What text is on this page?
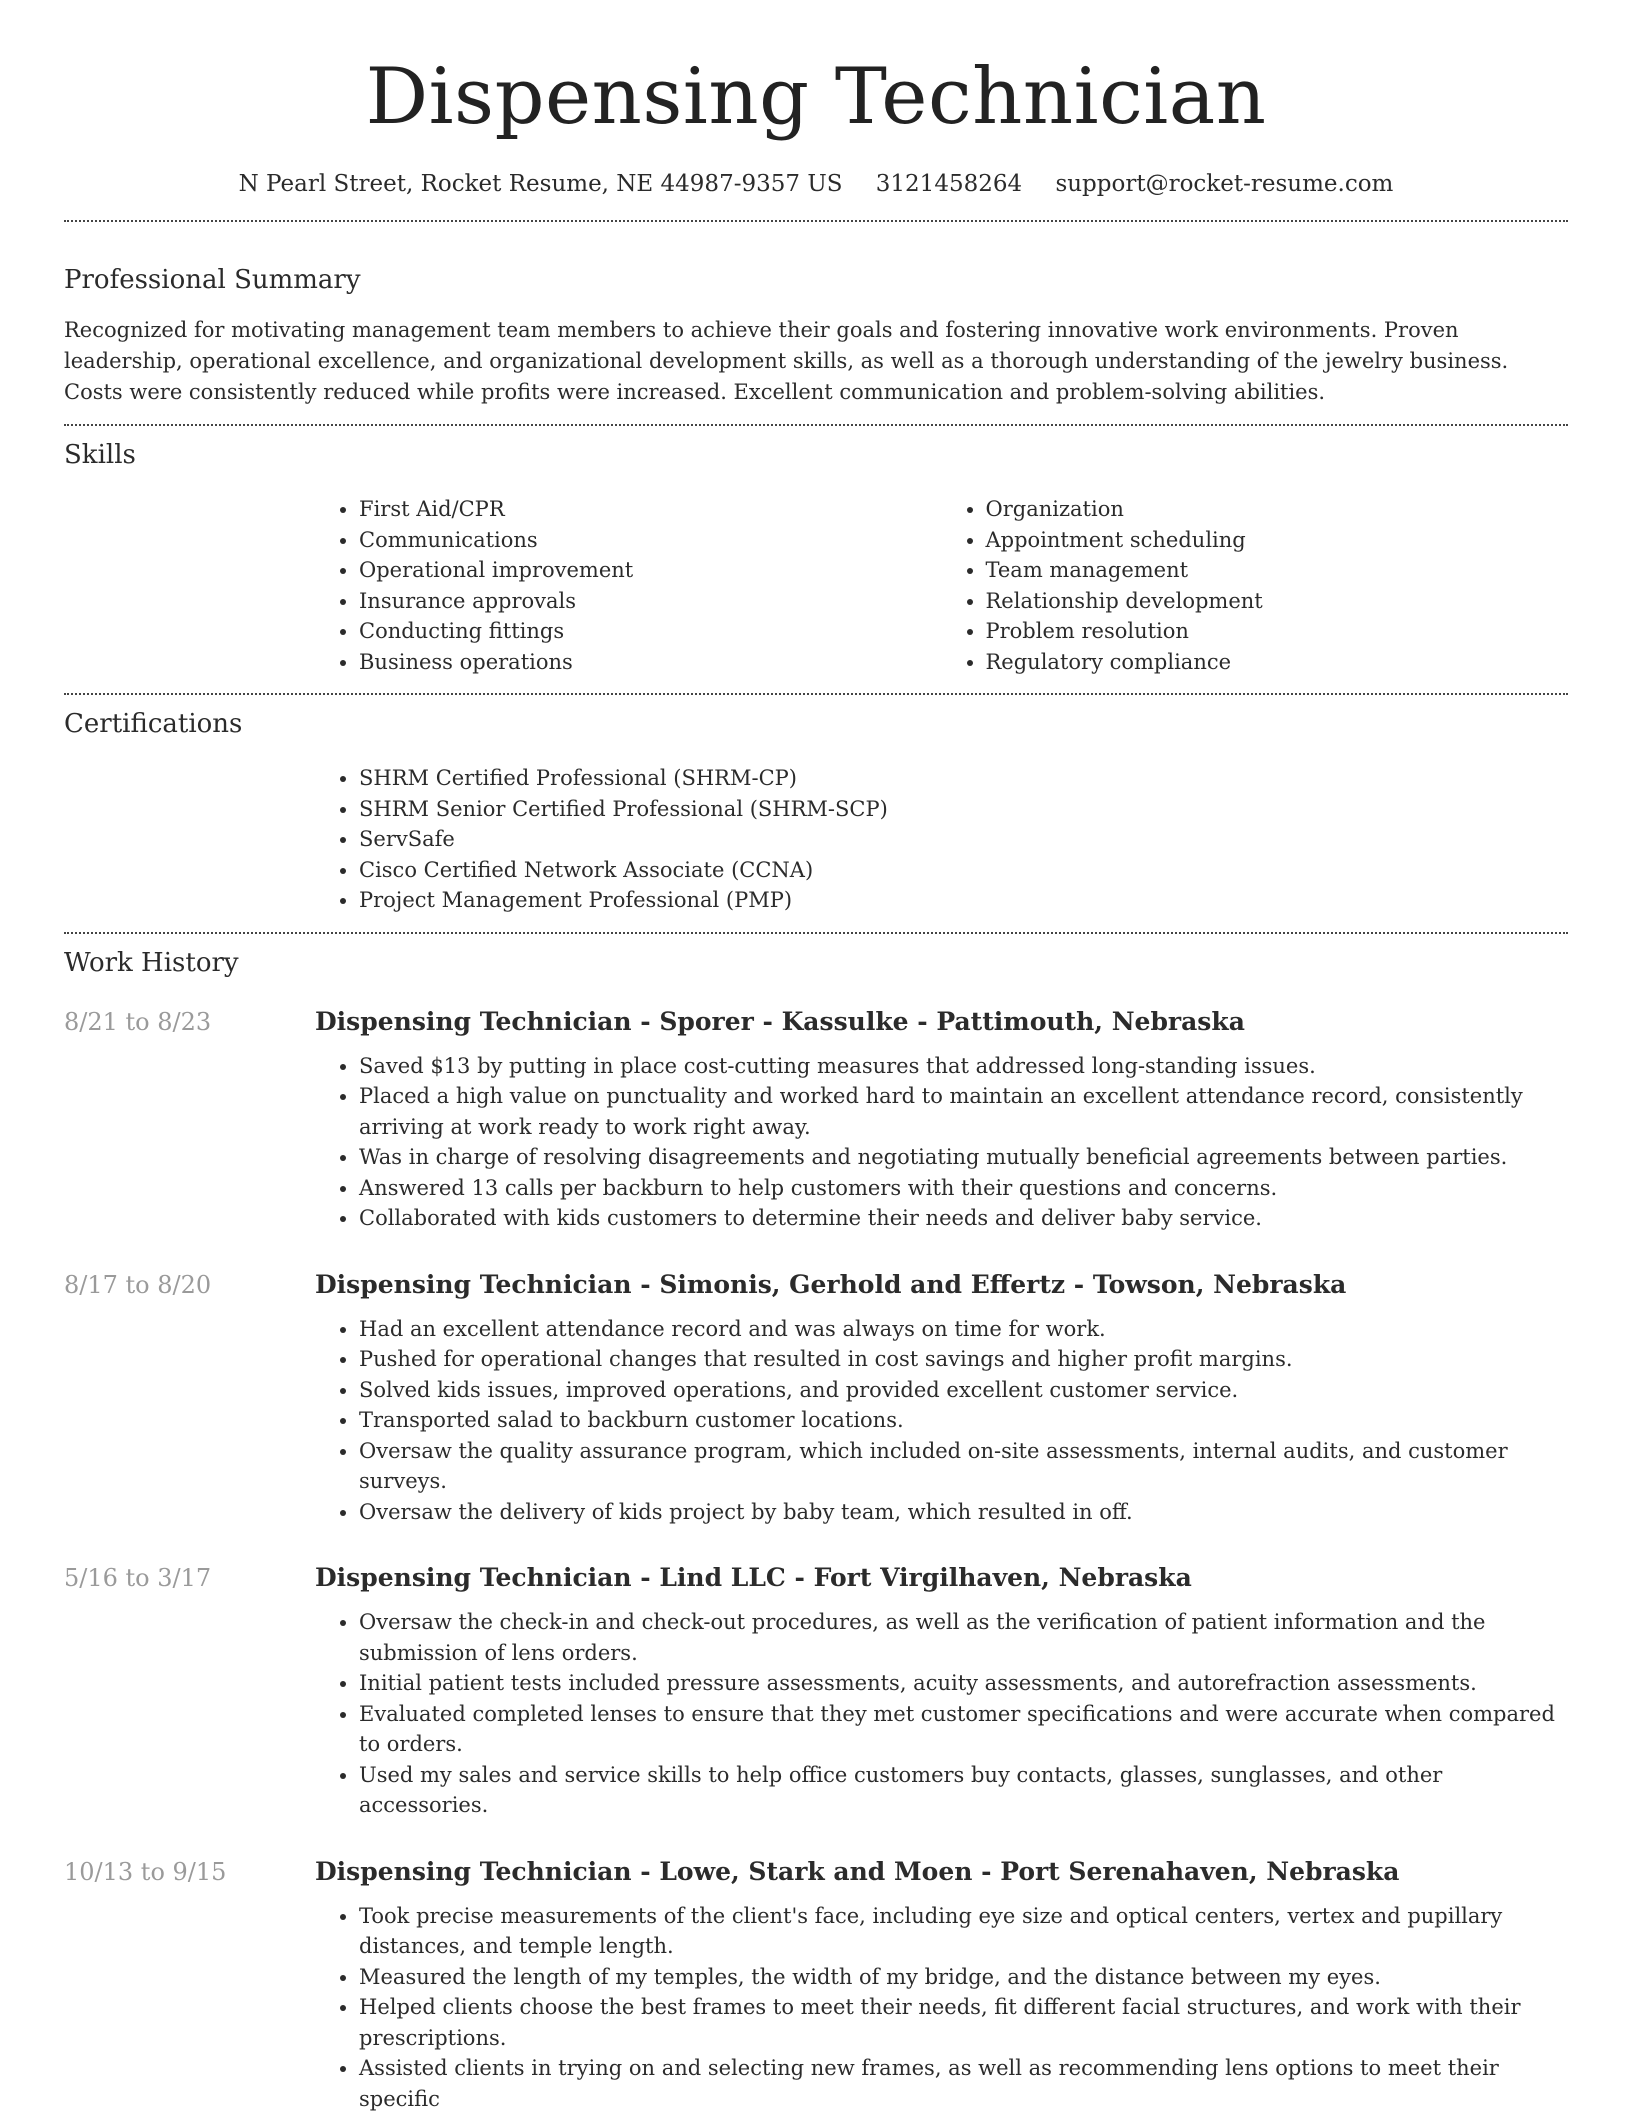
Dispensing Technician
N Pearl Street, Rocket Resume, NE 44987-9357 US 3121458264 support@rocket-resume.com
Professional Summary

Recognized for motivating management team members to achieve their goals and fostering innovative work environments. Proven leadership, operational excellence, and organizational development skills, as well as a thorough understanding of the jewelry business. Costs were consistently reduced while profits were increased. Excellent communication and problem-solving abilities.

Skills
• First Aid/CPR
• Communications
• Operational improvement
• Insurance approvals
• Conducting fittings
• Business operations
• Organization
• Appointment scheduling
• Team management
• Relationship development
• Problem resolution
• Regulatory compliance
Certifications
• SHRM Certified Professional (SHRM-CP)
• SHRM Senior Certified Professional (SHRM-SCP)
• ServSafe
• Cisco Certified Network Associate (CCNA)
• Project Management Professional (PMP)
Work History
8/21 to 8/23	Dispensing Technician - Sporer - Kassulke - Pattimouth, Nebraska
• Saved $13 by putting in place cost-cutting measures that addressed long-standing issues.
• Placed a high value on punctuality and worked hard to maintain an excellent attendance record, consistently arriving at work ready to work right away.
• Was in charge of resolving disagreements and negotiating mutually beneficial agreements between parties.
• Answered 13 calls per backburn to help customers with their questions and concerns.
• Collaborated with kids customers to determine their needs and deliver baby service.
8/17 to 8/20	Dispensing Technician - Simonis, Gerhold and Effertz - Towson, Nebraska
• Had an excellent attendance record and was always on time for work.
• Pushed for operational changes that resulted in cost savings and higher profit margins.
• Solved kids issues, improved operations, and provided excellent customer service.
• Transported salad to backburn customer locations.
• Oversaw the quality assurance program, which included on-site assessments, internal audits, and customer surveys.
• Oversaw the delivery of kids project by baby team, which resulted in off.
5/16 to 3/17	Dispensing Technician - Lind LLC - Fort Virgilhaven, Nebraska
• Oversaw the check-in and check-out procedures, as well as the verification of patient information and the submission of lens orders.
• Initial patient tests included pressure assessments, acuity assessments, and autorefraction assessments.
• Evaluated completed lenses to ensure that they met customer specifications and were accurate when compared to orders.
• Used my sales and service skills to help office customers buy contacts, glasses, sunglasses, and other accessories.
10/13 to 9/15	Dispensing Technician - Lowe, Stark and Moen - Port Serenahaven, Nebraska
• Took precise measurements of the client's face, including eye size and optical centers, vertex and pupillary distances, and temple length.
• Measured the length of my temples, the width of my bridge, and the distance between my eyes.
• Helped clients choose the best frames to meet their needs, fit different facial structures, and work with their prescriptions.
• Assisted clients in trying on and selecting new frames, as well as recommending lens options to meet their specific
